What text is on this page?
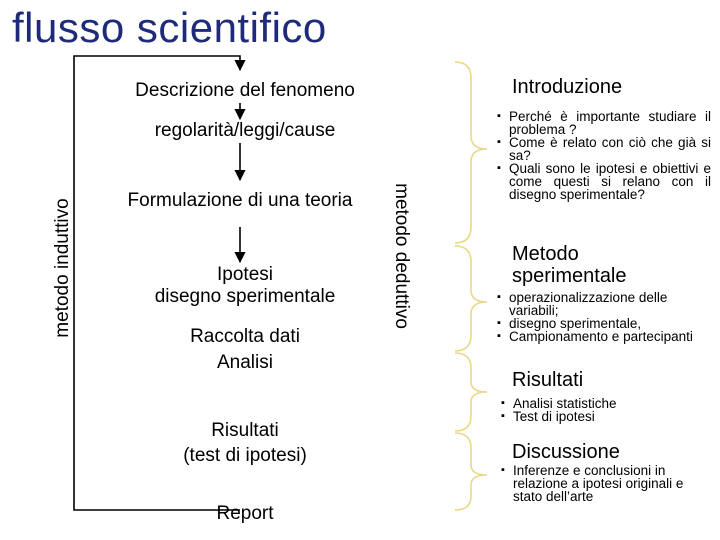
flusso scientifico
Descrizione del fenomeno
regolarità/leggi/cause
Formulazione di una teoria
Ipotesi
disegno sperimentale
Raccolta dati
Analisi
Risultati
(test di ipotesi)
Report
metodo induttivo	metodo deduttivo
Introduzione
▪ Perché è importante studiare il problema ?
▪ Come è relato con ciò che già si sa?
▪ Quali sono le ipotesi e obiettivi e come questi si relano con il disegno sperimentale?
Metodo
sperimentale
▪ operazionalizzazione delle variabili;
▪ disegno sperimentale,
▪ Campionamento e partecipanti
Risultati
▪ Analisi statistiche
▪ Test di ipotesi
Discussione
▪ Inferenze e conclusioni in relazione a ipotesi originali e stato dell’arte
